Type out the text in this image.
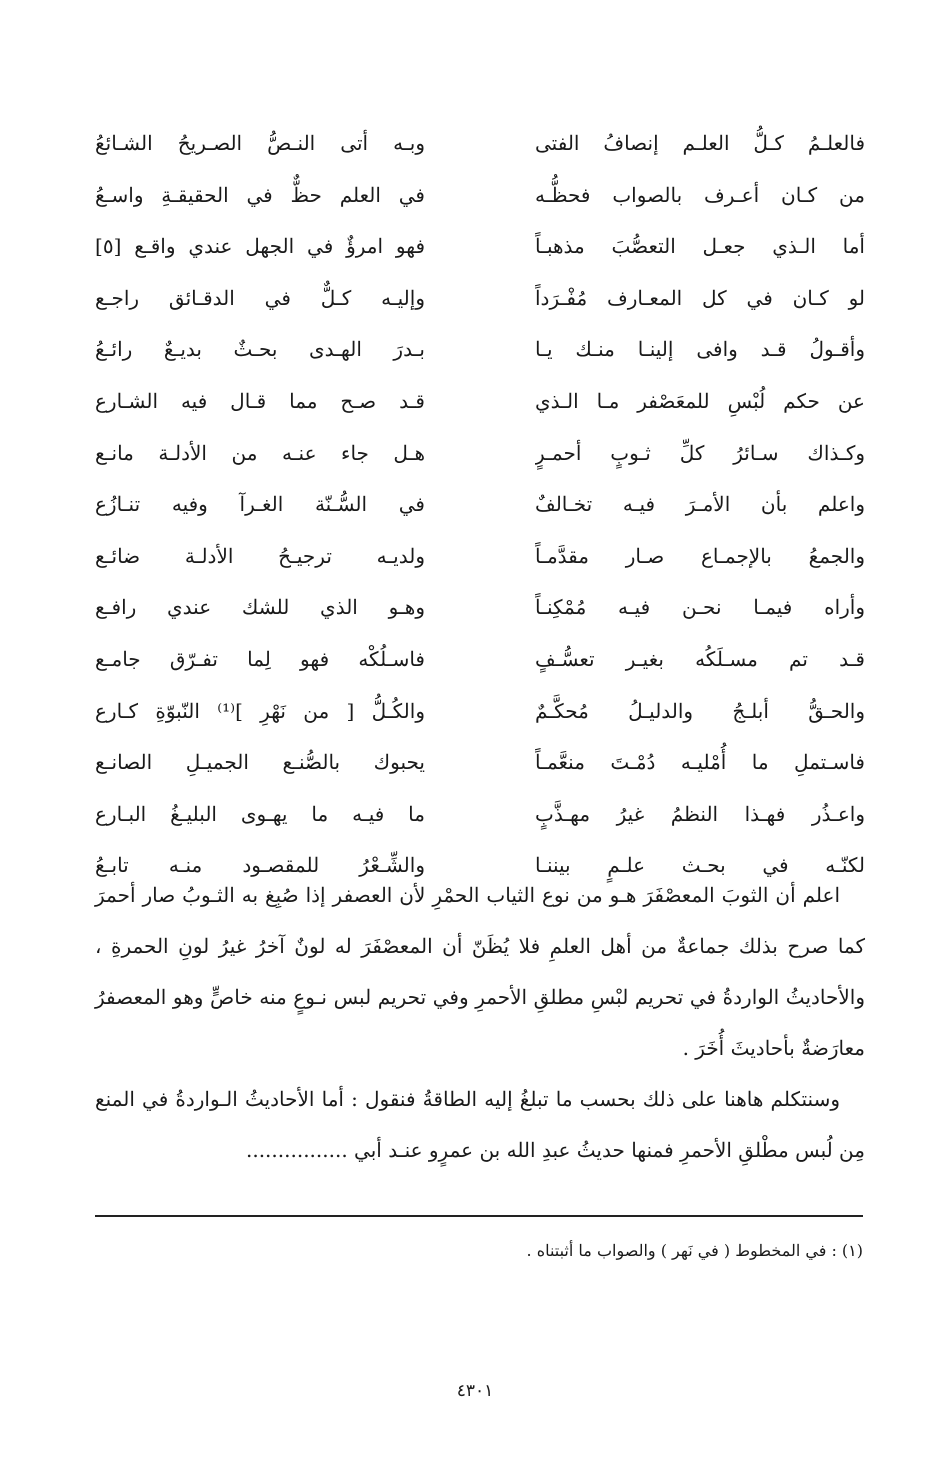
فالعلـمُ كـلُّ العلـم إنصافُ الفتى
وبـه أتى النـصُّ الصـريحُ الشـائعُ
من كـان أعـرف بالصواب فحظُّـه
في العلم حظٌّ في الحقيقـةِ واسـعُ
أما الـذي جعـل التعصُّبَ مذهبـاً
فهو امرؤٌ في الجهل عندي واقـع [٥]
لو كـان في كل المعـارف مُفْـرَداً
وإليـه كـلٌّ في الدقـائق راجـع
وأقـولُ قـد وافى إلينـا منـك يـا
بـدرَ الهـدى بحـثٌ بديـعٌ رائـعُ
عن حكم لُبْسِ للمعَصْفر مـا الـذي
قـد صـح مما قـال فيه الشـارع
وكـذاك سـائرُ كلِّ ثـوبٍ أحمـرٍ
هـل جاء عنـه من الأدلـة مانـع
واعلم بأن الأمـرَ فيـه تخـالفٌ
في السُّـنّة الغـرآ وفيه تنـازُع
والجمعُ بالإجمـاع صـار مقدَّمـاً
ولديـه ترجيـحُ الأدلـة ضائـع
وأراه فيمـا نحـن فيـه مُمْكِنـاً
وهـو الذي للشك عندي رافـع
قـد تم مسـلَكُه بغيـر تعسُّـفٍ
فاسـلُكْه فهو لِما تفـرّق جامـع
والحـقُّ أبلـجُ والدليـلُ مُحكَّـمٌ
والكُـلُّ [ من نَهْرِ ]⁽¹⁾ النّبوّةِ كـارع
فاسـتملِ ما أُمْليـه دُمْـتَ منعَّمـاً
يحبوك بالصُّنـع الجميـلِ الصانـع
واعـذُر فهـذا النظمُ غيرُ مهـذَّبٍ
ما فيـه ما يهـوى البليـغُ البـارع
لكنّـه في بحـث علـمٍ بيننـا
والشِّـعْرُ للمقصـود منـه تابـعُ

اعلم أن الثوبَ المعصْفَرَ هـو من نوع الثياب الحمْرِ لأن العصفر إذا صُبِغ به الثـوبُ صار أحمرَ كما صرح بذلك جماعةٌ من أهل العلمِ فلا يُظَنّ أن المعصْفَرَ له لونٌ آخرُ غيرُ لونِ الحمرةِ ، والأحاديثُ الواردةُ في تحريم لبْسِ مطلقِ الأحمرِ وفي تحريم لبس نـوعٍ منه خاصٍّ وهو المعصفرُ معارَضةٌ بأحاديثَ أُخَرَ .

وسنتكلم هاهنا على ذلك بحسب ما تبلغُ إليه الطاقةُ فنقول : أما الأحاديثُ الـواردةُ في المنع مِن لُبس مطْلقِ الأحمرِ فمنها حديثُ عبدِ الله بن عمرٍو عنـد أبي ................

(١) : في المخطوط ( في نَهر ) والصواب ما أثبتناه .
٤٣٠١
